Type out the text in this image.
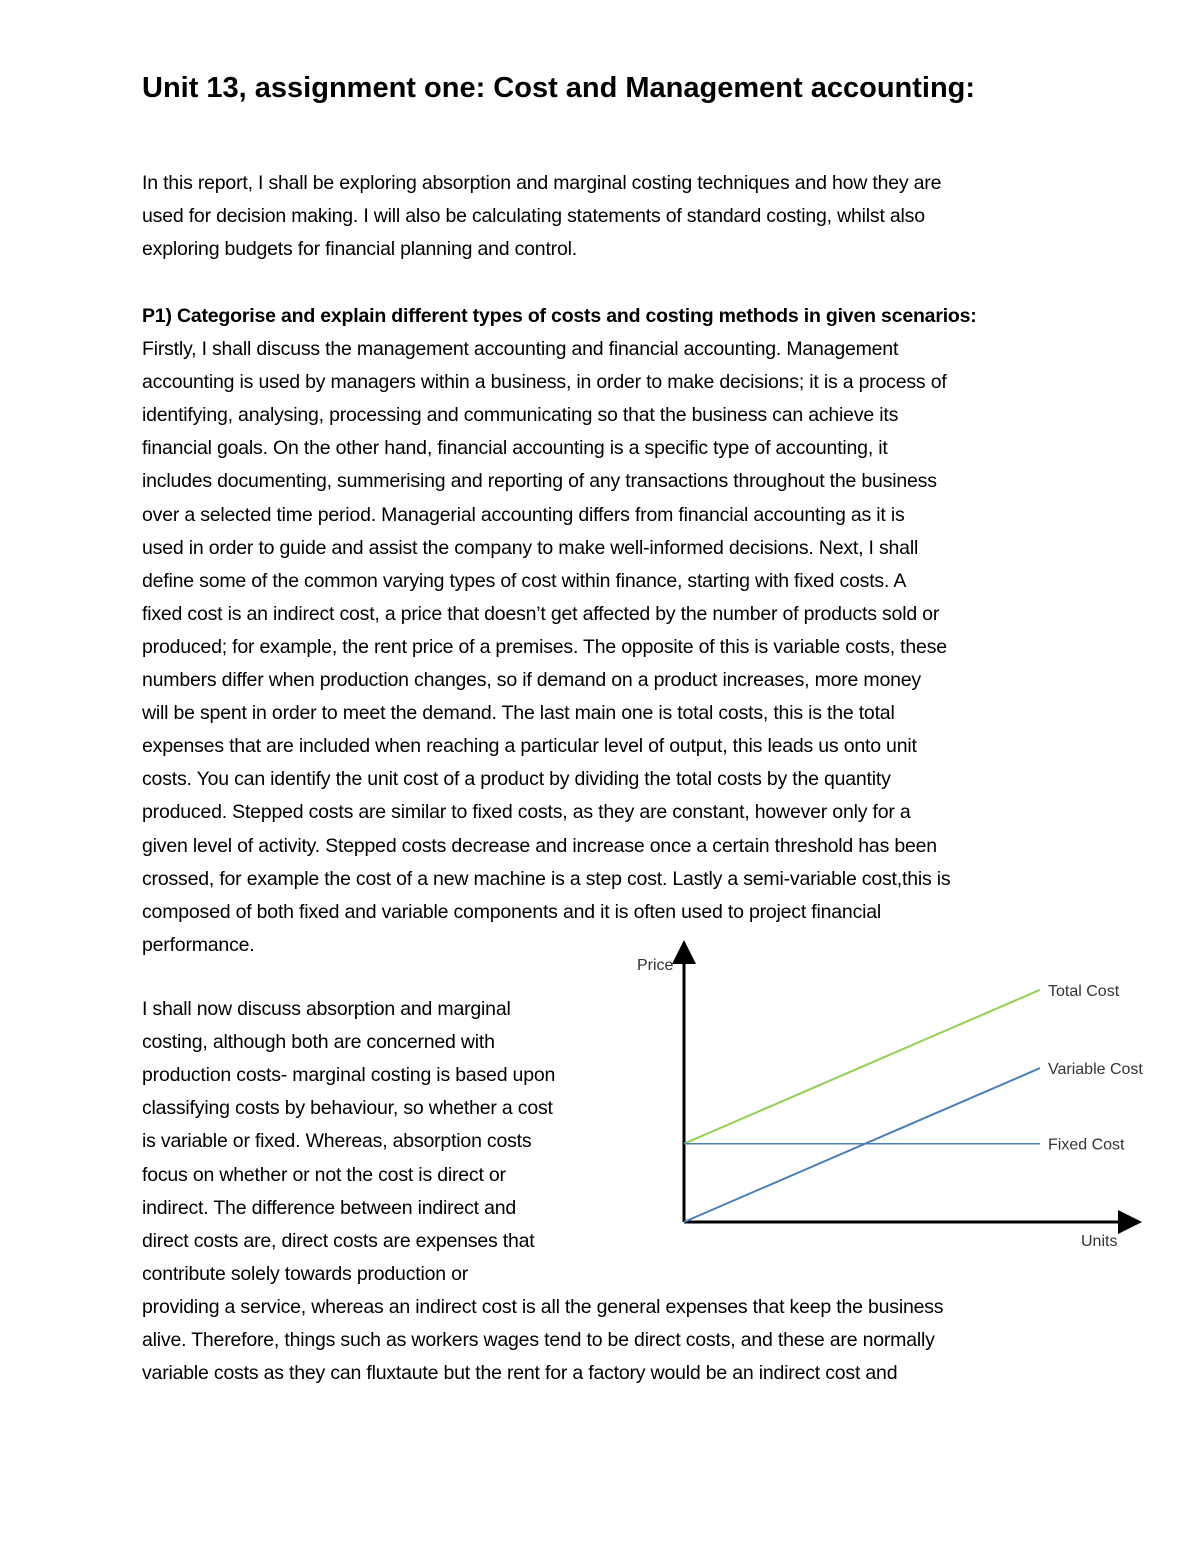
Unit 13, assignment one: Cost and Management accounting:
In this report, I shall be exploring absorption and marginal costing techniques and how they are
used for decision making. I will also be calculating statements of standard costing, whilst also
exploring budgets for financial planning and control.
P1) Categorise and explain different types of costs and costing methods in given scenarios:
Firstly, I shall discuss the management accounting and financial accounting. Management
accounting is used by managers within a business, in order to make decisions; it is a process of
identifying, analysing, processing and communicating so that the business can achieve its
financial goals. On the other hand, financial accounting is a specific type of accounting, it
includes documenting, summerising and reporting of any transactions throughout the business
over a selected time period. Managerial accounting differs from financial accounting as it is
used in order to guide and assist the company to make well-informed decisions. Next, I shall
define some of the common varying types of cost within finance, starting with fixed costs. A
fixed cost is an indirect cost, a price that doesn’t get affected by the number of products sold or
produced; for example, the rent price of a premises. The opposite of this is variable costs, these
numbers differ when production changes, so if demand on a product increases, more money
will be spent in order to meet the demand. The last main one is total costs, this is the total
expenses that are included when reaching a particular level of output, this leads us onto unit
costs. You can identify the unit cost of a product by dividing the total costs by the quantity
produced. Stepped costs are similar to fixed costs, as they are constant, however only for a
given level of activity. Stepped costs decrease and increase once a certain threshold has been
crossed, for example the cost of a new machine is a step cost. Lastly a semi-variable cost,this is
composed of both fixed and variable components and it is often used to project financial
performance.
I shall now discuss absorption and marginal
costing, although both are concerned with
production costs- marginal costing is based upon
classifying costs by behaviour, so whether a cost
is variable or fixed. Whereas, absorption costs
focus on whether or not the cost is direct or
indirect. The difference between indirect and
direct costs are, direct costs are expenses that
contribute solely towards production or
providing a service, whereas an indirect cost is all the general expenses that keep the business
alive. Therefore, things such as workers wages tend to be direct costs, and these are normally
variable costs as they can fluxtaute but the rent for a factory would be an indirect cost and
Price
Units
Total Cost
Variable Cost
Fixed Cost
